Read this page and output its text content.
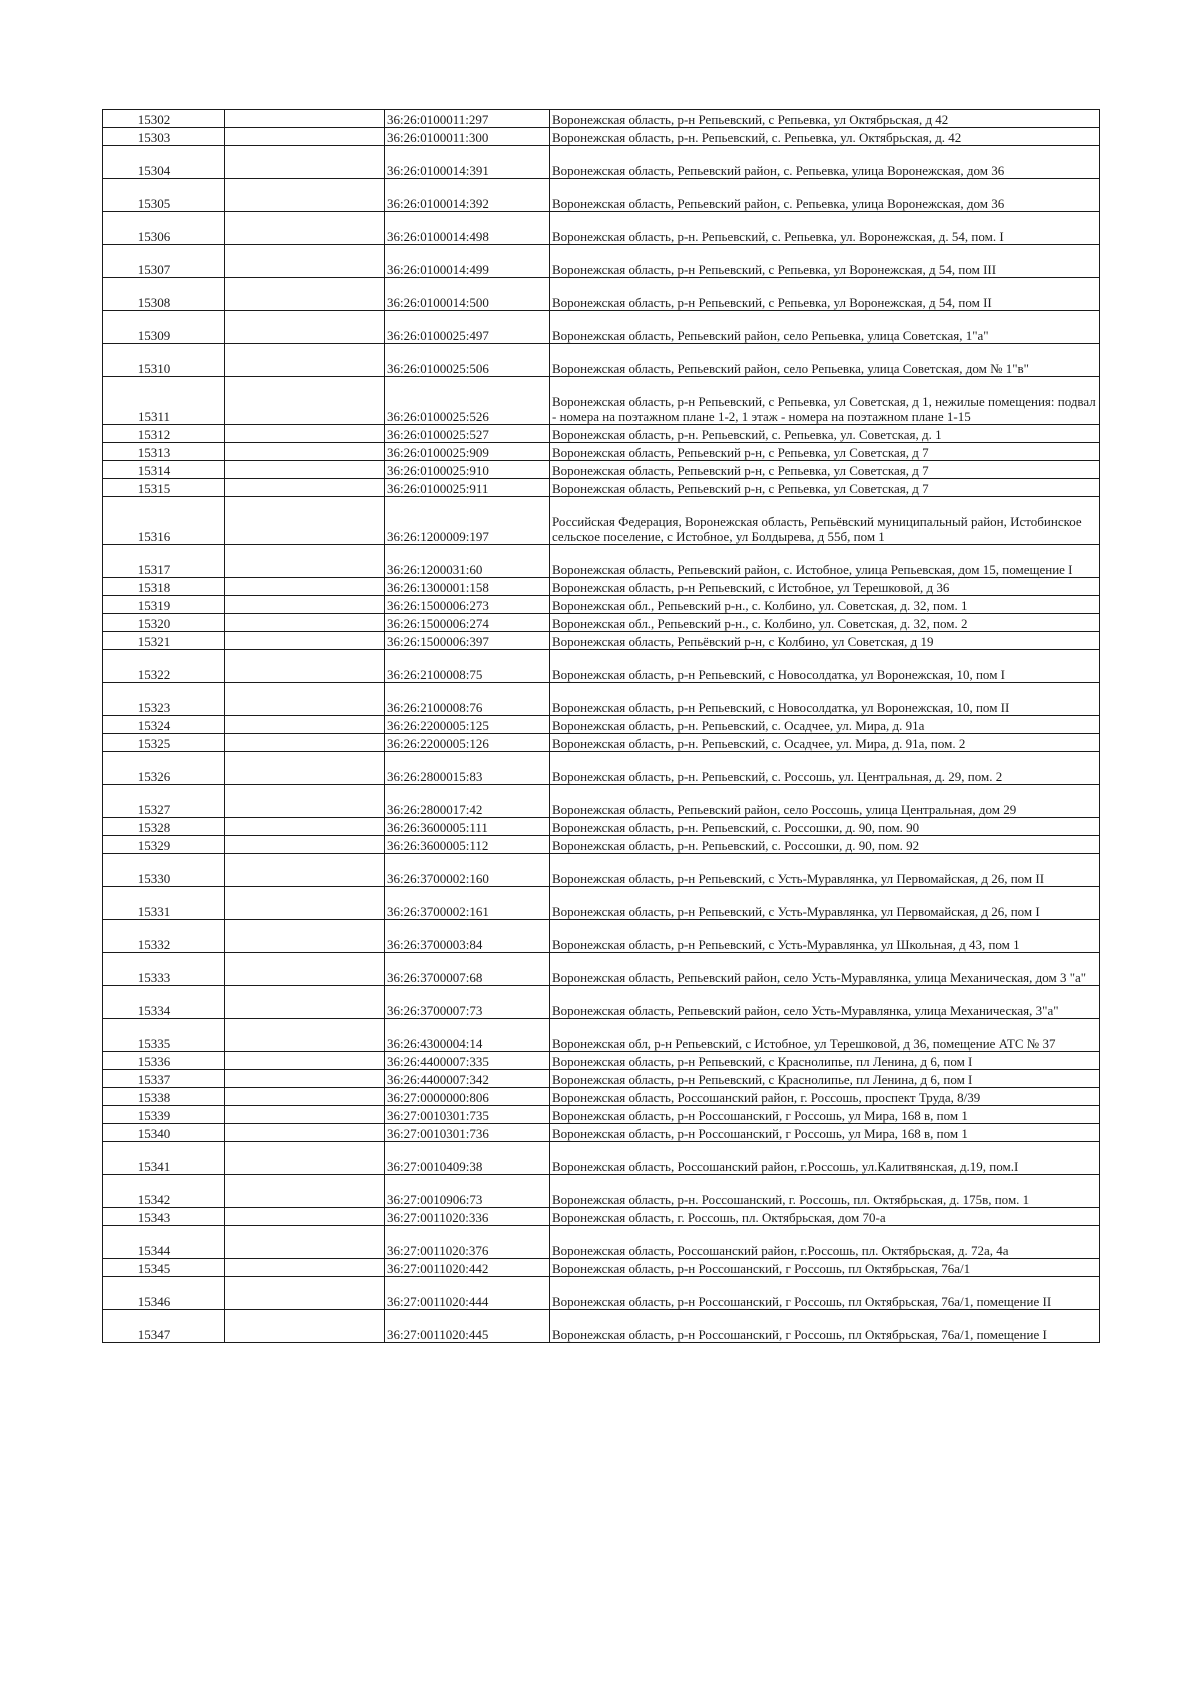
15302		36:26:0100011:297	Воронежская область, р-н Репьевский, с Репьевка, ул Октябрьская, д 42
15303		36:26:0100011:300	Воронежская область, р-н. Репьевский, с. Репьевка, ул. Октябрьская, д. 42
15304		36:26:0100014:391	Воронежская область, Репьевский район, с. Репьевка, улица Воронежская, дом 36
15305		36:26:0100014:392	Воронежская область, Репьевский район, с. Репьевка, улица Воронежская, дом 36
15306		36:26:0100014:498	Воронежская область, р-н. Репьевский, с. Репьевка, ул. Воронежская, д. 54, пом. I
15307		36:26:0100014:499	Воронежская область, р-н Репьевский, с Репьевка, ул Воронежская, д 54, пом III
15308		36:26:0100014:500	Воронежская область, р-н Репьевский, с Репьевка, ул Воронежская, д 54, пом II
15309		36:26:0100025:497	Воронежская область, Репьевский район, село Репьевка, улица Советская, 1"а"
15310		36:26:0100025:506	Воронежская область, Репьевский район, село Репьевка, улица Советская, дом № 1"в"
15311		36:26:0100025:526	Воронежская область, р-н Репьевский, с Репьевка, ул Советская, д 1, нежилые помещения: подвал - номера на поэтажном плане 1-2, 1 этаж - номера на поэтажном плане 1-15
15312		36:26:0100025:527	Воронежская область, р-н. Репьевский, с. Репьевка, ул. Советская, д. 1
15313		36:26:0100025:909	Воронежская область, Репьевский р-н, с Репьевка, ул Советская, д 7
15314		36:26:0100025:910	Воронежская область, Репьевский р-н, с Репьевка, ул Советская, д 7
15315		36:26:0100025:911	Воронежская область, Репьевский р-н, с Репьевка, ул Советская, д 7
15316		36:26:1200009:197	Российская Федерация, Воронежская область, Репьёвский муниципальный район, Истобинское сельское поселение, с Истобное, ул Болдырева, д 55б, пом 1
15317		36:26:1200031:60	Воронежская область, Репьевский район, с. Истобное, улица Репьевская, дом 15, помещение I
15318		36:26:1300001:158	Воронежская область, р-н Репьевский, с Истобное, ул Терешковой, д 36
15319		36:26:1500006:273	Воронежская обл., Репьевский р-н., с. Колбино, ул. Советская, д. 32, пом. 1
15320		36:26:1500006:274	Воронежская обл., Репьевский р-н., с. Колбино, ул. Советская, д. 32, пом. 2
15321		36:26:1500006:397	Воронежская область, Репьёвский р-н, с Колбино, ул Советская, д 19
15322		36:26:2100008:75	Воронежская область, р-н Репьевский, с Новосолдатка, ул Воронежская, 10, пом I
15323		36:26:2100008:76	Воронежская область, р-н Репьевский, с Новосолдатка, ул Воронежская, 10, пом II
15324		36:26:2200005:125	Воронежская область, р-н. Репьевский, с. Осадчее, ул. Мира, д. 91а
15325		36:26:2200005:126	Воронежская область, р-н. Репьевский, с. Осадчее, ул. Мира, д. 91а, пом. 2
15326		36:26:2800015:83	Воронежская область, р-н. Репьевский, с. Россошь, ул. Центральная, д. 29, пом. 2
15327		36:26:2800017:42	Воронежская область, Репьевский район, село Россошь, улица Центральная, дом 29
15328		36:26:3600005:111	Воронежская область, р-н. Репьевский, с. Россошки, д. 90, пом. 90
15329		36:26:3600005:112	Воронежская область, р-н. Репьевский, с. Россошки, д. 90, пом. 92
15330		36:26:3700002:160	Воронежская область, р-н Репьевский, с Усть-Муравлянка, ул Первомайская, д 26, пом II
15331		36:26:3700002:161	Воронежская область, р-н Репьевский, с Усть-Муравлянка, ул Первомайская, д 26, пом I
15332		36:26:3700003:84	Воронежская область, р-н Репьевский, с Усть-Муравлянка, ул Школьная, д 43, пом 1
15333		36:26:3700007:68	Воронежская область, Репьевский район, село Усть-Муравлянка, улица Механическая, дом 3 "а"
15334		36:26:3700007:73	Воронежская область, Репьевский район, село Усть-Муравлянка, улица Механическая, 3"а"
15335		36:26:4300004:14	Воронежская обл, р-н Репьевский, с Истобное, ул Терешковой, д 36, помещение АТС № 37
15336		36:26:4400007:335	Воронежская область, р-н Репьевский, с Краснолипье, пл Ленина, д 6, пом I
15337		36:26:4400007:342	Воронежская область, р-н Репьевский, с Краснолипье, пл Ленина, д 6, пом I
15338		36:27:0000000:806	Воронежская область, Россошанский район, г. Россошь, проспект Труда, 8/39
15339		36:27:0010301:735	Воронежская область, р-н Россошанский, г Россошь, ул Мира, 168 в, пом 1
15340		36:27:0010301:736	Воронежская область, р-н Россошанский, г Россошь, ул Мира, 168 в, пом 1
15341		36:27:0010409:38	Воронежская область, Россошанский район, г.Россошь, ул.Калитвянская, д.19, пом.I
15342		36:27:0010906:73	Воронежская область, р-н. Россошанский, г. Россошь, пл. Октябрьская, д. 175в, пом. 1
15343		36:27:0011020:336	Воронежская область, г. Россошь, пл. Октябрьская, дом 70-а
15344		36:27:0011020:376	Воронежская область, Россошанский район, г.Россошь, пл. Октябрьская, д. 72а, 4а
15345		36:27:0011020:442	Воронежская область, р-н Россошанский, г Россошь, пл Октябрьская, 76а/1
15346		36:27:0011020:444	Воронежская область, р-н Россошанский, г Россошь, пл Октябрьская, 76а/1, помещение II
15347		36:27:0011020:445	Воронежская область, р-н Россошанский, г Россошь, пл Октябрьская, 76а/1, помещение I
